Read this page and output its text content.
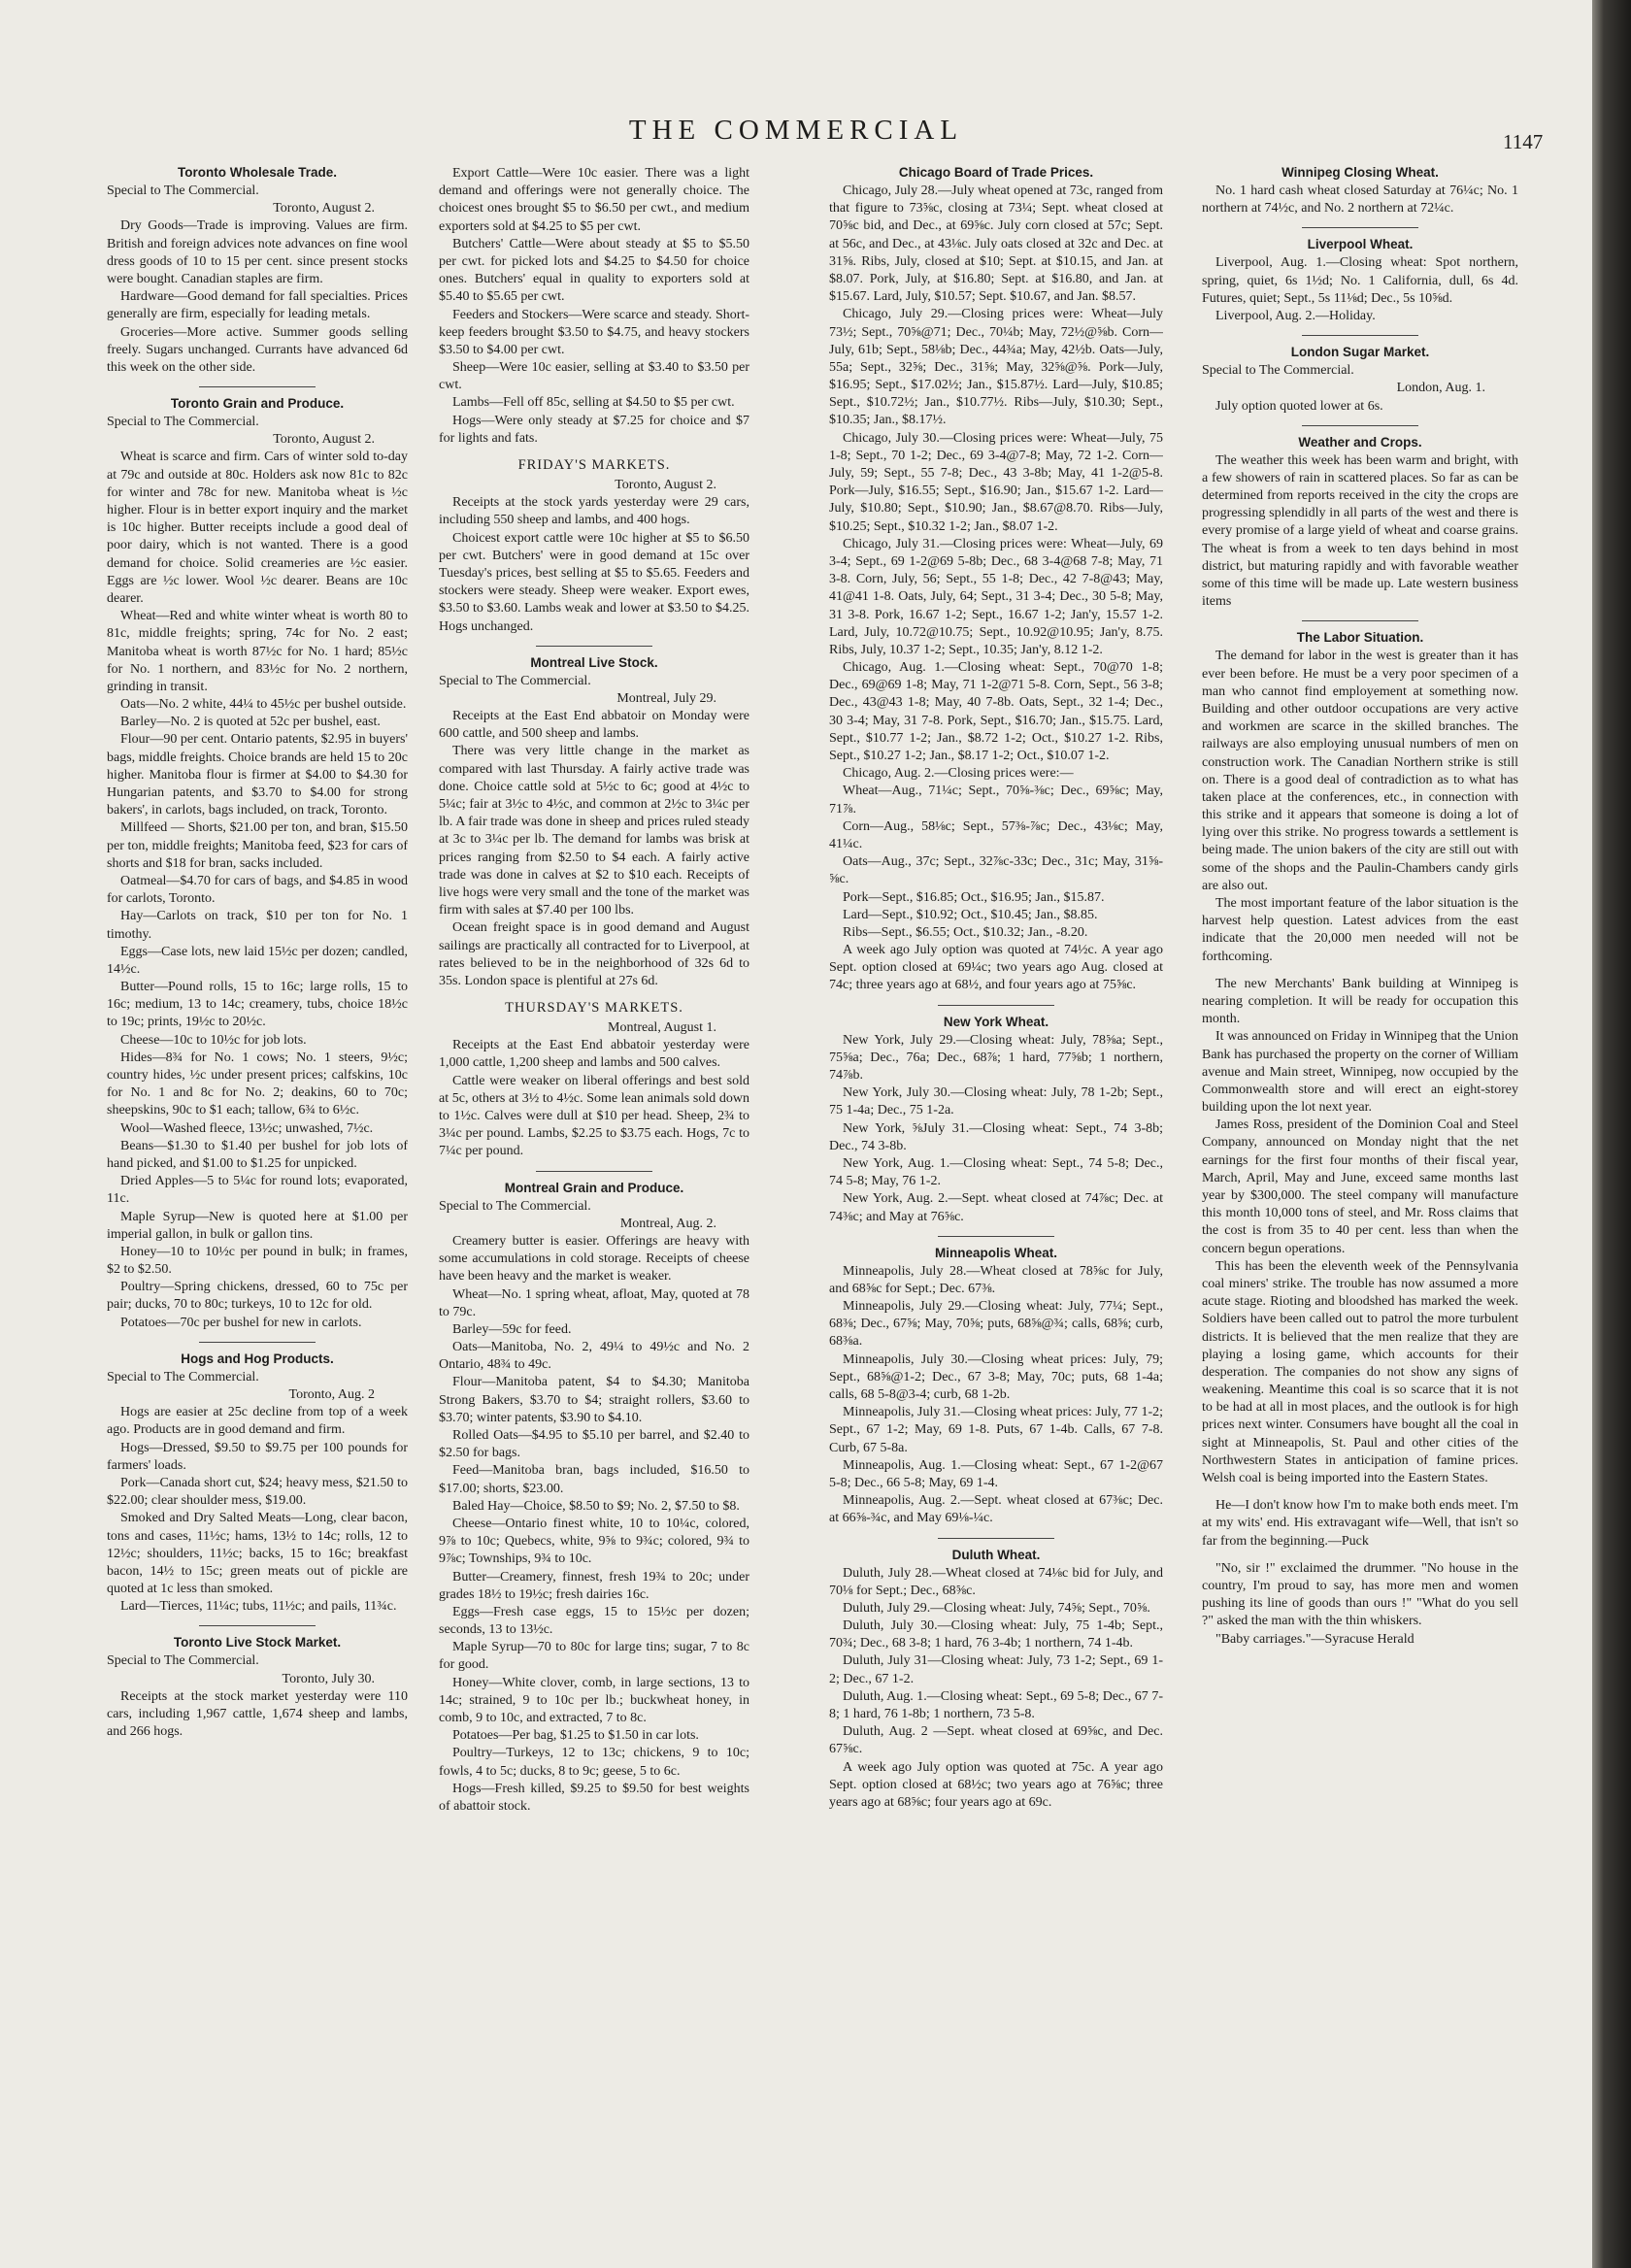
THE COMMERCIAL	1147
Toronto Wholesale Trade.
Special to The Commercial.
Toronto, August 2.

Dry Goods—Trade is improving. Values are firm. British and foreign advices note advances on fine wool dress goods of 10 to 15 per cent. since present stocks were bought. Canadian staples are firm.

Hardware—Good demand for fall specialties. Prices generally are firm, especially for leading metals.

Groceries—More active. Summer goods selling freely. Sugars unchanged. Currants have advanced 6d this week on the other side.

Toronto Grain and Produce.
Special to The Commercial.
Toronto, August 2.

Wheat is scarce and firm. Cars of winter sold to-day at 79c and outside at 80c. Holders ask now 81c to 82c for winter and 78c for new. Manitoba wheat is ½c higher. Flour is in better export inquiry and the market is 10c higher. Butter receipts include a good deal of poor dairy, which is not wanted. There is a good demand for choice. Solid creameries are ½c easier. Eggs are ½c lower. Wool ½c dearer. Beans are 10c dearer.

Wheat—Red and white winter wheat is worth 80 to 81c, middle freights; spring, 74c for No. 2 east; Manitoba wheat is worth 87½c for No. 1 hard; 85½c for No. 1 northern, and 83½c for No. 2 northern, grinding in transit.

Oats—No. 2 white, 44¼ to 45½c per bushel outside.

Barley—No. 2 is quoted at 52c per bushel, east.

Flour—90 per cent. Ontario patents, $2.95 in buyers' bags, middle freights. Choice brands are held 15 to 20c higher. Manitoba flour is firmer at $4.00 to $4.30 for Hungarian patents, and $3.70 to $4.00 for strong bakers', in carlots, bags included, on track, Toronto.

Millfeed — Shorts, $21.00 per ton, and bran, $15.50 per ton, middle freights; Manitoba feed, $23 for cars of shorts and $18 for bran, sacks included.

Oatmeal—$4.70 for cars of bags, and $4.85 in wood for carlots, Toronto.

Hay—Carlots on track, $10 per ton for No. 1 timothy.

Eggs—Case lots, new laid 15½c per dozen; candled, 14½c.

Butter—Pound rolls, 15 to 16c; large rolls, 15 to 16c; medium, 13 to 14c; creamery, tubs, choice 18½c to 19c; prints, 19½c to 20½c.

Cheese—10c to 10½c for job lots.

Hides—8¾ for No. 1 cows; No. 1 steers, 9½c; country hides, ½c under present prices; calfskins, 10c for No. 1 and 8c for No. 2; deakins, 60 to 70c; sheepskins, 90c to $1 each; tallow, 6¾ to 6½c.

Wool—Washed fleece, 13½c; unwashed, 7½c.

Beans—$1.30 to $1.40 per bushel for job lots of hand picked, and $1.00 to $1.25 for unpicked.

Dried Apples—5 to 5¼c for round lots; evaporated, 11c.

Maple Syrup—New is quoted here at $1.00 per imperial gallon, in bulk or gallon tins.

Honey—10 to 10½c per pound in bulk; in frames, $2 to $2.50.

Poultry—Spring chickens, dressed, 60 to 75c per pair; ducks, 70 to 80c; turkeys, 10 to 12c for old.

Potatoes—70c per bushel for new in carlots.

Hogs and Hog Products.
Special to The Commercial.
Toronto, Aug. 2

Hogs are easier at 25c decline from top of a week ago. Products are in good demand and firm.

Hogs—Dressed, $9.50 to $9.75 per 100 pounds for farmers' loads.

Pork—Canada short cut, $24; heavy mess, $21.50 to $22.00; clear shoulder mess, $19.00.

Smoked and Dry Salted Meats—Long, clear bacon, tons and cases, 11½c; hams, 13½ to 14c; rolls, 12 to 12½c; shoulders, 11½c; backs, 15 to 16c; breakfast bacon, 14½ to 15c; green meats out of pickle are quoted at 1c less than smoked.

Lard—Tierces, 11¼c; tubs, 11½c; and pails, 11¾c.

Toronto Live Stock Market.
Special to The Commercial.
Toronto, July 30.

Receipts at the stock market yesterday were 110 cars, including 1,967 cattle, 1,674 sheep and lambs, and 266 hogs.

Export Cattle—Were 10c easier. There was a light demand and offerings were not generally choice. The choicest ones brought $5 to $6.50 per cwt., and medium exporters sold at $4.25 to $5 per cwt.

Butchers' Cattle—Were about steady at $5 to $5.50 per cwt. for picked lots and $4.25 to $4.50 for choice ones. Butchers' equal in quality to exporters sold at $5.40 to $5.65 per cwt.

Feeders and Stockers—Were scarce and steady. Short-keep feeders brought $3.50 to $4.75, and heavy stockers $3.50 to $4.00 per cwt.

Sheep—Were 10c easier, selling at $3.40 to $3.50 per cwt.

Lambs—Fell off 85c, selling at $4.50 to $5 per cwt.

Hogs—Were only steady at $7.25 for choice and $7 for lights and fats.

FRIDAY'S MARKETS.
Toronto, August 2.

Receipts at the stock yards yesterday were 29 cars, including 550 sheep and lambs, and 400 hogs.

Choicest export cattle were 10c higher at $5 to $6.50 per cwt. Butchers' were in good demand at 15c over Tuesday's prices, best selling at $5 to $5.65. Feeders and stockers were steady. Sheep were weaker. Export ewes, $3.50 to $3.60. Lambs weak and lower at $3.50 to $4.25. Hogs unchanged.

Montreal Live Stock.
Special to The Commercial.
Montreal, July 29.

Receipts at the East End abbatoir on Monday were 600 cattle, and 500 sheep and lambs.

There was very little change in the market as compared with last Thursday. A fairly active trade was done. Choice cattle sold at 5½c to 6c; good at 4½c to 5¼c; fair at 3½c to 4½c, and common at 2½c to 3¼c per lb. A fair trade was done in sheep and prices ruled steady at 3c to 3¼c per lb. The demand for lambs was brisk at prices ranging from $2.50 to $4 each. A fairly active trade was done in calves at $2 to $10 each. Receipts of live hogs were very small and the tone of the market was firm with sales at $7.40 per 100 lbs.

Ocean freight space is in good demand and August sailings are practically all contracted for to Liverpool, at rates believed to be in the neighborhood of 32s 6d to 35s. London space is plentiful at 27s 6d.

THURSDAY'S MARKETS.
Montreal, August 1.

Receipts at the East End abbatoir yesterday were 1,000 cattle, 1,200 sheep and lambs and 500 calves.

Cattle were weaker on liberal offerings and best sold at 5c, others at 3½ to 4½c. Some lean animals sold down to 1½c. Calves were dull at $10 per head. Sheep, 2¾ to 3¼c per pound. Lambs, $2.25 to $3.75 each. Hogs, 7c to 7¼c per pound.

Montreal Grain and Produce.
Special to The Commercial.
Montreal, Aug. 2.

Creamery butter is easier. Offerings are heavy with some accumulations in cold storage. Receipts of cheese have been heavy and the market is weaker.

Wheat—No. 1 spring wheat, afloat, May, quoted at 78 to 79c.

Barley—59c for feed.

Oats—Manitoba, No. 2, 49¼ to 49½c and No. 2 Ontario, 48¾ to 49c.

Flour—Manitoba patent, $4 to $4.30; Manitoba Strong Bakers, $3.70 to $4; straight rollers, $3.60 to $3.70; winter patents, $3.90 to $4.10.

Rolled Oats—$4.95 to $5.10 per barrel, and $2.40 to $2.50 for bags.

Feed—Manitoba bran, bags included, $16.50 to $17.00; shorts, $23.00.

Baled Hay—Choice, $8.50 to $9; No. 2, $7.50 to $8.

Cheese—Ontario finest white, 10 to 10¼c, colored, 9⅞ to 10c; Quebecs, white, 9⅝ to 9¾c; colored, 9¾ to 9⅞c; Townships, 9¾ to 10c.

Butter—Creamery, finnest, fresh 19¾ to 20c; under grades 18½ to 19½c; fresh dairies 16c.

Eggs—Fresh case eggs, 15 to 15½c per dozen; seconds, 13 to 13½c.

Maple Syrup—70 to 80c for large tins; sugar, 7 to 8c for good.

Honey—White clover, comb, in large sections, 13 to 14c; strained, 9 to 10c per lb.; buckwheat honey, in comb, 9 to 10c, and extracted, 7 to 8c.

Potatoes—Per bag, $1.25 to $1.50 in car lots.

Poultry—Turkeys, 12 to 13c; chickens, 9 to 10c; fowls, 4 to 5c; ducks, 8 to 9c; geese, 5 to 6c.

Hogs—Fresh killed, $9.25 to $9.50 for best weights of abattoir stock.

Chicago Board of Trade Prices.

Chicago, July 28.—July wheat opened at 73c, ranged from that figure to 73⅝c, closing at 73¼; Sept. wheat closed at 70⅝c bid, and Dec., at 69⅝c. July corn closed at 57c; Sept. at 56c, and Dec., at 43⅛c. July oats closed at 32c and Dec. at 31⅝. Ribs, July, closed at $10; Sept. at $10.15, and Jan. at $8.07. Pork, July, at $16.80; Sept. at $16.80, and Jan. at $15.67. Lard, July, $10.57; Sept. $10.67, and Jan. $8.57.

Chicago, July 29.—Closing prices were: Wheat—July 73½; Sept., 70⅝@71; Dec., 70¼b; May, 72½@⅝b. Corn—July, 61b; Sept., 58⅛b; Dec., 44¾a; May, 42½b. Oats—July, 55a; Sept., 32⅝; Dec., 31⅝; May, 32⅝@⅝. Pork—July, $16.95; Sept., $17.02½; Jan., $15.87½. Lard—July, $10.85; Sept., $10.72½; Jan., $10.77½. Ribs—July, $10.30; Sept., $10.35; Jan., $8.17½.

Chicago, July 30.—Closing prices were: Wheat—July, 75 1-8; Sept., 70 1-2; Dec., 69 3-4@7-8; May, 72 1-2. Corn—July, 59; Sept., 55 7-8; Dec., 43 3-8b; May, 41 1-2@5-8. Pork—July, $16.55; Sept., $16.90; Jan., $15.67 1-2. Lard—July, $10.80; Sept., $10.90; Jan., $8.67@8.70. Ribs—July, $10.25; Sept., $10.32 1-2; Jan., $8.07 1-2.

Chicago, July 31.—Closing prices were: Wheat—July, 69 3-4; Sept., 69 1-2@69 5-8b; Dec., 68 3-4@68 7-8; May, 71 3-8. Corn, July, 56; Sept., 55 1-8; Dec., 42 7-8@43; May, 41@41 1-8. Oats, July, 64; Sept., 31 3-4; Dec., 30 5-8; May, 31 3-8. Pork, 16.67 1-2; Sept., 16.67 1-2; Jan'y, 15.57 1-2. Lard, July, 10.72@10.75; Sept., 10.92@10.95; Jan'y, 8.75. Ribs, July, 10.37 1-2; Sept., 10.35; Jan'y, 8.12 1-2.

Chicago, Aug. 1.—Closing wheat: Sept., 70@70 1-8; Dec., 69@69 1-8; May, 71 1-2@71 5-8. Corn, Sept., 56 3-8; Dec., 43@43 1-8; May, 40 7-8b. Oats, Sept., 32 1-4; Dec., 30 3-4; May, 31 7-8. Pork, Sept., $16.70; Jan., $15.75. Lard, Sept., $10.77 1-2; Jan., $8.72 1-2; Oct., $10.27 1-2. Ribs, Sept., $10.27 1-2; Jan., $8.17 1-2; Oct., $10.07 1-2.

Chicago, Aug. 2.—Closing prices were:—

Wheat—Aug., 71¼c; Sept., 70⅝-⅜c; Dec., 69⅝c; May, 71⅞.

Corn—Aug., 58⅛c; Sept., 57⅜-⅞c; Dec., 43⅛c; May, 41¼c.

Oats—Aug., 37c; Sept., 32⅞c-33c; Dec., 31c; May, 31⅝-⅝c.

Pork—Sept., $16.85; Oct., $16.95; Jan., $15.87.

Lard—Sept., $10.92; Oct., $10.45; Jan., $8.85.

Ribs—Sept., $6.55; Oct., $10.32; Jan., -8.20.

A week ago July option was quoted at 74½c. A year ago Sept. option closed at 69¼c; two years ago Aug. closed at 74c; three years ago at 68½, and four years ago at 75⅝c.

New York Wheat.

New York, July 29.—Closing wheat: July, 78⅝a; Sept., 75⅝a; Dec., 76a; Dec., 68⅞; 1 hard, 77⅝b; 1 northern, 74⅞b.

New York, July 30.—Closing wheat: July, 78 1-2b; Sept., 75 1-4a; Dec., 75 1-2a.

New York, ⅝July 31.—Closing wheat: Sept., 74 3-8b; Dec., 74 3-8b.

New York, Aug. 1.—Closing wheat: Sept., 74 5-8; Dec., 74 5-8; May, 76 1-2.

New York, Aug. 2.—Sept. wheat closed at 74⅞c; Dec. at 74⅜c; and May at 76⅝c.

Minneapolis Wheat.

Minneapolis, July 28.—Wheat closed at 78⅝c for July, and 68⅝c for Sept.; Dec. 67⅜.

Minneapolis, July 29.—Closing wheat: July, 77¼; Sept., 68⅜; Dec., 67⅝; May, 70⅝; puts, 68⅝@¾; calls, 68⅝; curb, 68⅜a.

Minneapolis, July 30.—Closing wheat prices: July, 79; Sept., 68⅝@1-2; Dec., 67 3-8; May, 70c; puts, 68 1-4a; calls, 68 5-8@3-4; curb, 68 1-2b.

Minneapolis, July 31.—Closing wheat prices: July, 77 1-2; Sept., 67 1-2; May, 69 1-8. Puts, 67 1-4b. Calls, 67 7-8. Curb, 67 5-8a.

Minneapolis, Aug. 1.—Closing wheat: Sept., 67 1-2@67 5-8; Dec., 66 5-8; May, 69 1-4.

Minneapolis, Aug. 2.—Sept. wheat closed at 67⅜c; Dec. at 66⅝-¾c, and May 69⅛-¼c.

Duluth Wheat.

Duluth, July 28.—Wheat closed at 74⅛c bid for July, and 70⅛ for Sept.; Dec., 68⅝c.

Duluth, July 29.—Closing wheat: July, 74⅝; Sept., 70⅝.

Duluth, July 30.—Closing wheat: July, 75 1-4b; Sept., 70¾; Dec., 68 3-8; 1 hard, 76 3-4b; 1 northern, 74 1-4b.

Duluth, July 31—Closing wheat: July, 73 1-2; Sept., 69 1-2; Dec., 67 1-2.

Duluth, Aug. 1.—Closing wheat: Sept., 69 5-8; Dec., 67 7-8; 1 hard, 76 1-8b; 1 northern, 73 5-8.

Duluth, Aug. 2 —Sept. wheat closed at 69⅝c, and Dec. 67⅝c.

A week ago July option was quoted at 75c. A year ago Sept. option closed at 68½c; two years ago at 76⅝c; three years ago at 68⅝c; four years ago at 69c.

Winnipeg Closing Wheat.

No. 1 hard cash wheat closed Saturday at 76¼c; No. 1 northern at 74½c, and No. 2 northern at 72¼c.

Liverpool Wheat.

Liverpool, Aug. 1.—Closing wheat: Spot northern, spring, quiet, 6s 1½d; No. 1 California, dull, 6s 4d. Futures, quiet; Sept., 5s 11⅛d; Dec., 5s 10⅝d.

Liverpool, Aug. 2.—Holiday.

London Sugar Market.
Special to The Commercial.
London, Aug. 1.

July option quoted lower at 6s.

Weather and Crops.

The weather this week has been warm and bright, with a few showers of rain in scattered places. So far as can be determined from reports received in the city the crops are progressing splendidly in all parts of the west and there is every promise of a large yield of wheat and coarse grains. The wheat is from a week to ten days behind in most district, but maturing rapidly and with favorable weather some of this time will be made up. Late western business items

The Labor Situation.

The demand for labor in the west is greater than it has ever been before. He must be a very poor specimen of a man who cannot find employement at something now. Building and other outdoor occupations are very active and workmen are scarce in the skilled branches. The railways are also employing unusual numbers of men on construction work. The Canadian Northern strike is still on. There is a good deal of contradiction as to what has taken place at the conferences, etc., in connection with this strike and it appears that someone is doing a lot of lying over this strike. No progress towards a settlement is being made. The union bakers of the city are still out with some of the shops and the Paulin-Chambers candy girls are also out.

The most important feature of the labor situation is the harvest help question. Latest advices from the east indicate that the 20,000 men needed will not be forthcoming.

The new Merchants' Bank building at Winnipeg is nearing completion. It will be ready for occupation this month.

It was announced on Friday in Winnipeg that the Union Bank has purchased the property on the corner of William avenue and Main street, Winnipeg, now occupied by the Commonwealth store and will erect an eight-storey building upon the lot next year.

James Ross, president of the Dominion Coal and Steel Company, announced on Monday night that the net earnings for the first four months of their fiscal year, March, April, May and June, exceed same months last year by $300,000. The steel company will manufacture this month 10,000 tons of steel, and Mr. Ross claims that the cost is from 35 to 40 per cent. less than when the concern begun operations.

This has been the eleventh week of the Pennsylvania coal miners' strike. The trouble has now assumed a more acute stage. Rioting and bloodshed has marked the week. Soldiers have been called out to patrol the more turbulent districts. It is believed that the men realize that they are playing a losing game, which accounts for their desperation. The companies do not show any signs of weakening. Meantime this coal is so scarce that it is not to be had at all in most places, and the outlook is for high prices next winter. Consumers have bought all the coal in sight at Minneapolis, St. Paul and other cities of the Northwestern States in anticipation of famine prices. Welsh coal is being imported into the Eastern States.

He—I don't know how I'm to make both ends meet. I'm at my wits' end. His extravagant wife—Well, that isn't so far from the beginning.—Puck

"No, sir !" exclaimed the drummer. "No house in the country, I'm proud to say, has more men and women pushing its line of goods than ours !" "What do you sell ?" asked the man with the thin whiskers.

"Baby carriages."—Syracuse Herald
